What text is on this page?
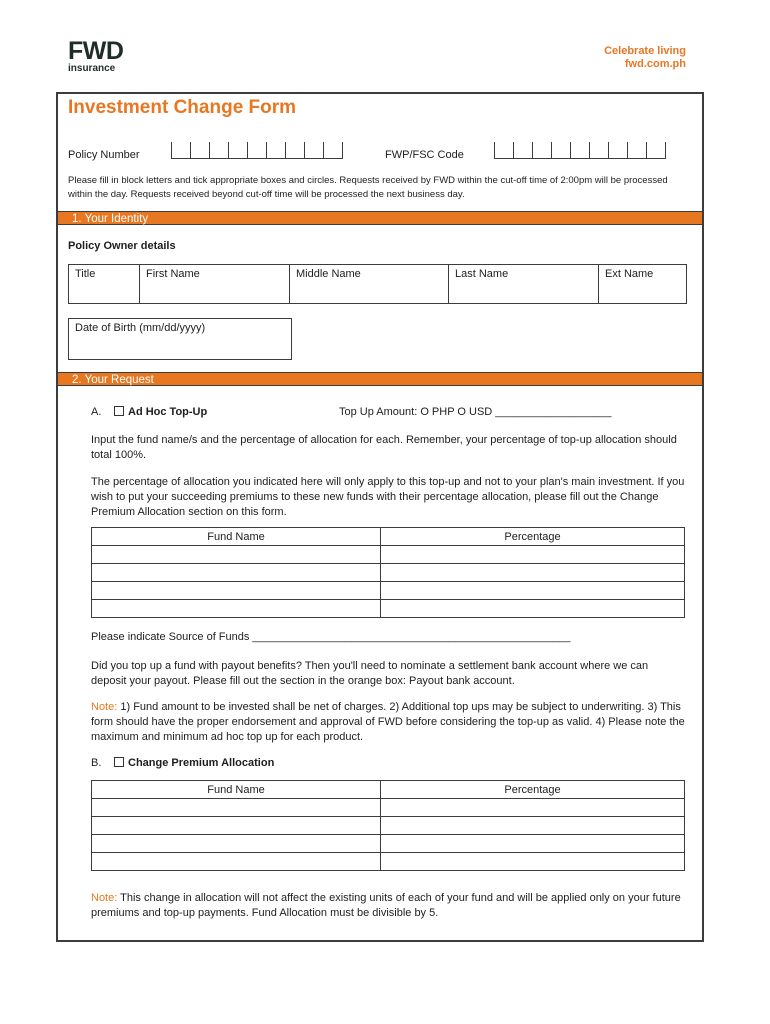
FWD
insurance
Celebrate living
fwd.com.ph
Investment Change Form
Policy Number	FWP/FSC Code
Please fill in block letters and tick appropriate boxes and circles. Requests received by FWD within the cut-off time of 2:00pm will be processed within the day. Requests received beyond cut-off time will be processed the next business day.
1. Your Identity
Policy Owner details
Title	First Name	Middle Name	Last Name	Ext Name
Date of Birth (mm/dd/yyyy)
2. Your Request
A.	Ad Hoc Top-Up	Top Up Amount: O PHP O USD ___________________
Input the fund name/s and the percentage of allocation for each. Remember, your percentage of top-up allocation should total 100%.
The percentage of allocation you indicated here will only apply to this top-up and not to your plan's main investment. If you wish to put your succeeding premiums to these new funds with their percentage allocation, please fill out the Change Premium Allocation section on this form.
Fund Name	Percentage

Please indicate Source of Funds ____________________________________________________
Did you top up a fund with payout benefits? Then you'll need to nominate a settlement bank account where we can deposit your payout. Please fill out the section in the orange box: Payout bank account.
Note: 1) Fund amount to be invested shall be net of charges. 2) Additional top ups may be subject to underwriting. 3) This form should have the proper endorsement and approval of FWD before considering the top-up as valid. 4) Please note the maximum and minimum ad hoc top up for each product.
B.	Change Premium Allocation
Fund Name	Percentage

Note: This change in allocation will not affect the existing units of each of your fund and will be applied only on your future premiums and top-up payments. Fund Allocation must be divisible by 5.
